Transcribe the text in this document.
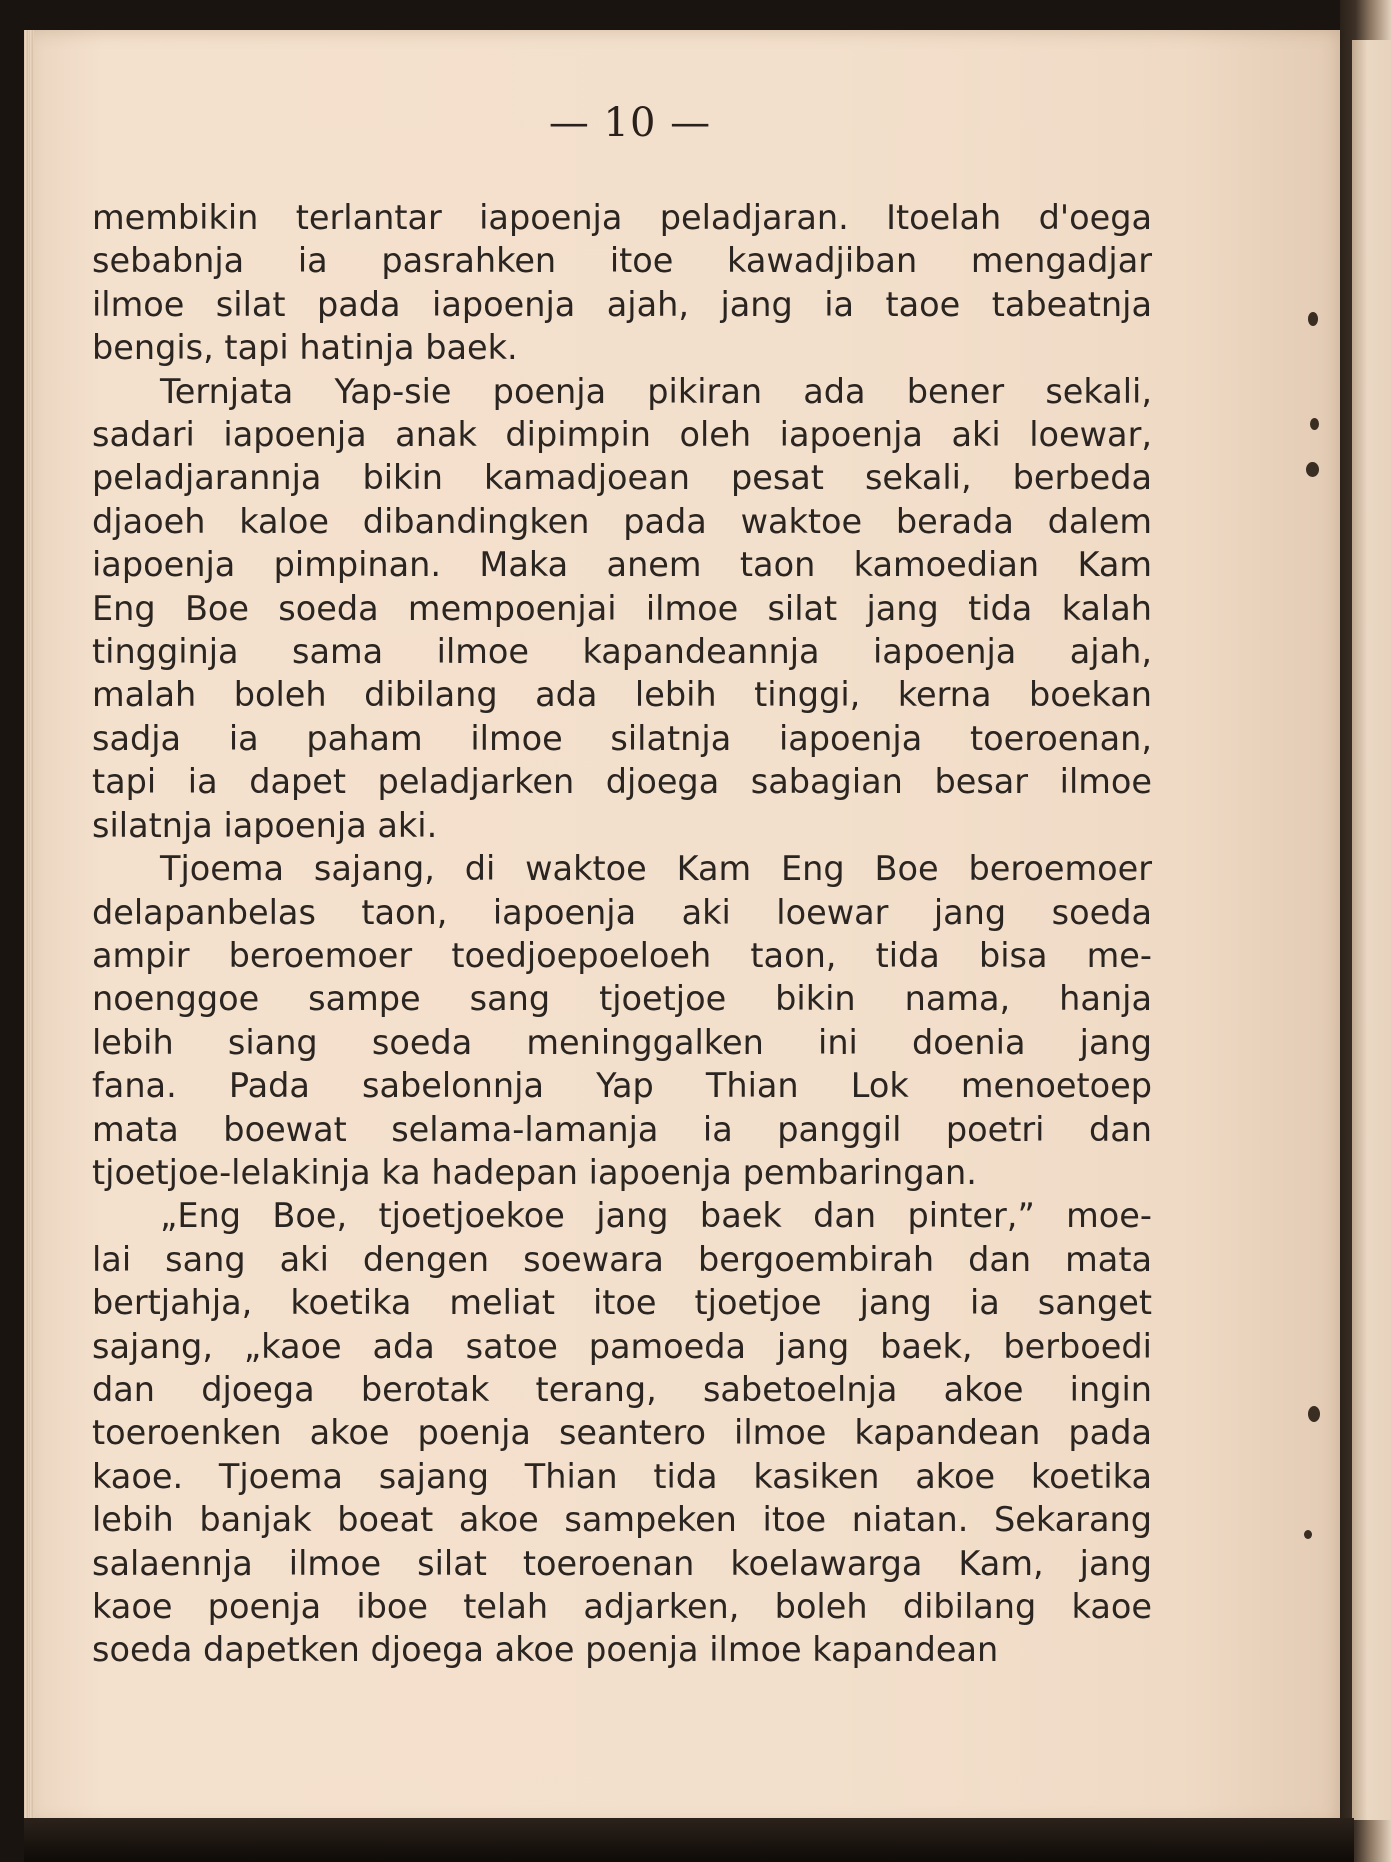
— 10 —

membikin terlantar iapoenja peladjaran. Itoelah d'oega
sebabnja ia pasrahken itoe kawadjiban mengadjar
ilmoe silat pada iapoenja ajah, jang ia taoe tabeatnja
bengis, tapi hatinja baek.

Ternjata Yap-sie poenja pikiran ada bener sekali,
sadari iapoenja anak dipimpin oleh iapoenja aki loewar,
peladjarannja bikin kamadjoean pesat sekali, berbeda
djaoeh kaloe dibandingken pada waktoe berada dalem
iapoenja pimpinan. Maka anem taon kamoedian Kam
Eng Boe soeda mempoenjai ilmoe silat jang tida kalah
tingginja sama ilmoe kapandeannja iapoenja ajah,
malah boleh dibilang ada lebih tinggi, kerna boekan
sadja ia paham ilmoe silatnja iapoenja toeroenan,
tapi ia dapet peladjarken djoega sabagian besar ilmoe
silatnja iapoenja aki.

Tjoema sajang, di waktoe Kam Eng Boe beroemoer
delapanbelas taon, iapoenja aki loewar jang soeda
ampir beroemoer toedjoepoeloeh taon, tida bisa me-
noenggoe sampe sang tjoetjoe bikin nama, hanja
lebih siang soeda meninggalken ini doenia jang
fana. Pada sabelonnja Yap Thian Lok menoetoep
mata boewat selama-lamanja ia panggil poetri dan
tjoetjoe-lelakinja ka hadepan iapoenja pembaringan.

„Eng Boe, tjoetjoekoe jang baek dan pinter,” moe-
lai sang aki dengen soewara bergoembirah dan mata
bertjahja, koetika meliat itoe tjoetjoe jang ia sanget
sajang, „kaoe ada satoe pamoeda jang baek, berboedi
dan djoega berotak terang, sabetoelnja akoe ingin
toeroenken akoe poenja seantero ilmoe kapandean pada
kaoe. Tjoema sajang Thian tida kasiken akoe koetika
lebih banjak boeat akoe sampeken itoe niatan. Sekarang
salaennja ilmoe silat toeroenan koelawarga Kam, jang
kaoe poenja iboe telah adjarken, boleh dibilang kaoe
soeda dapetken djoega akoe poenja ilmoe kapandean
